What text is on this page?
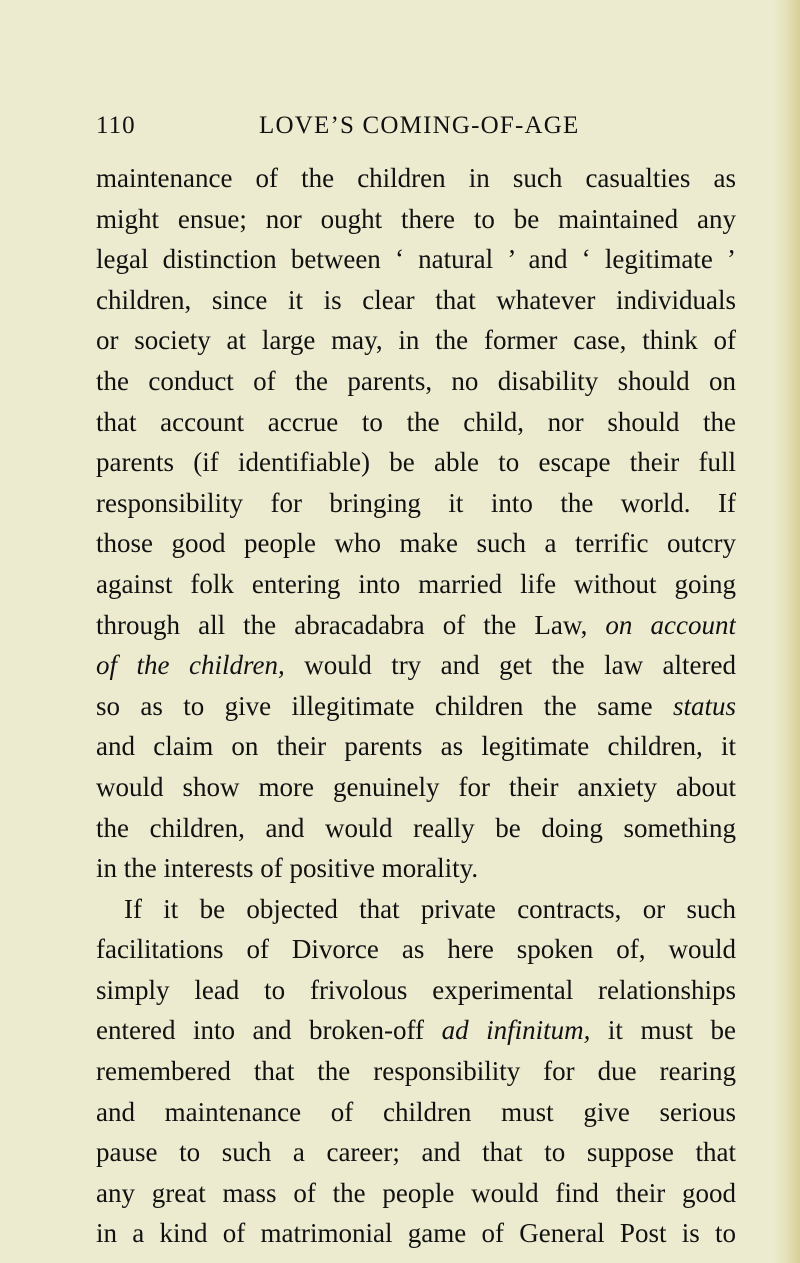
110	LOVE’S COMING-OF-AGE
maintenance of the children in such casualties as
might ensue; nor ought there to be maintained any
legal distinction between ‘ natural ’ and ‘ legitimate ’
children, since it is clear that whatever individuals
or society at large may, in the former case, think of
the conduct of the parents, no disability should on
that account accrue to the child, nor should the
parents (if identifiable) be able to escape their full
responsibility for bringing it into the world. If
those good people who make such a terrific outcry
against folk entering into married life without going
through all the abracadabra of the Law, on account
of the children, would try and get the law altered
so as to give illegitimate children the same status
and claim on their parents as legitimate children, it
would show more genuinely for their anxiety about
the children, and would really be doing something
in the interests of positive morality.
If it be objected that private contracts, or such
facilitations of Divorce as here spoken of, would
simply lead to frivolous experimental relationships
entered into and broken-off ad infinitum, it must be
remembered that the responsibility for due rearing
and maintenance of children must give serious
pause to such a career; and that to suppose that
any great mass of the people would find their good
in a kind of matrimonial game of General Post is to
